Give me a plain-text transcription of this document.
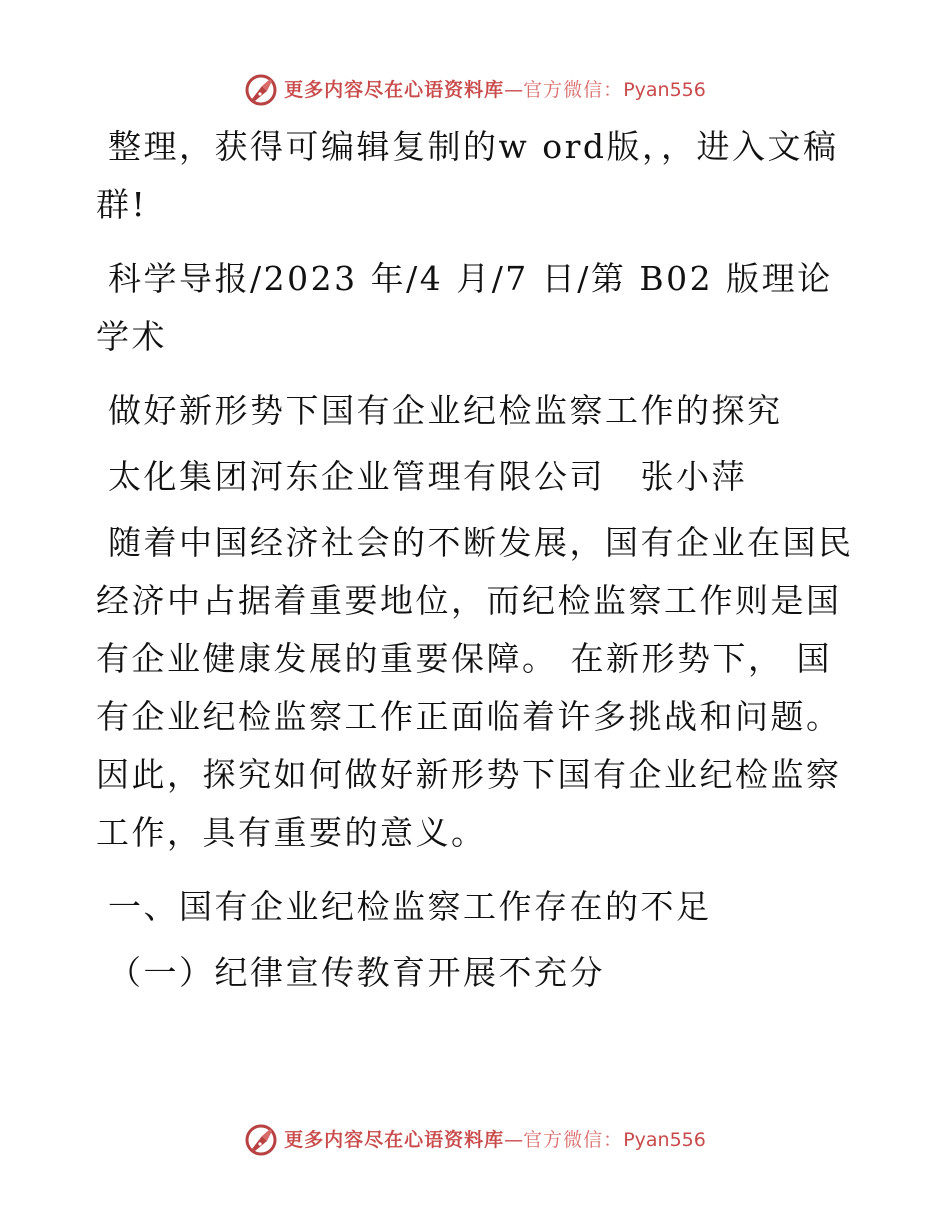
更多内容尽在心语资料库 — 官方微信： Pyan556

整理，获得可编辑复制的w ord版，，进入文稿群!

科学导报/2023 年/4 月/7 日/第 B02 版理论学术

做好新形势下国有企业纪检监察工作的探究

太化集团河东企业管理有限公司　张小萍

随着中国经济社会的不断发展，国有企业在国民经济中占据着重要地位，而纪检监察工作则是国有企业健康发展的重要保障。 在新形势下， 国有企业纪检监察工作正面临着许多挑战和问题。因此，探究如何做好新形势下国有企业纪检监察工作，具有重要的意义。

一、国有企业纪检监察工作存在的不足

（一）纪律宣传教育开展不充分

更多内容尽在心语资料库 — 官方微信： Pyan556
